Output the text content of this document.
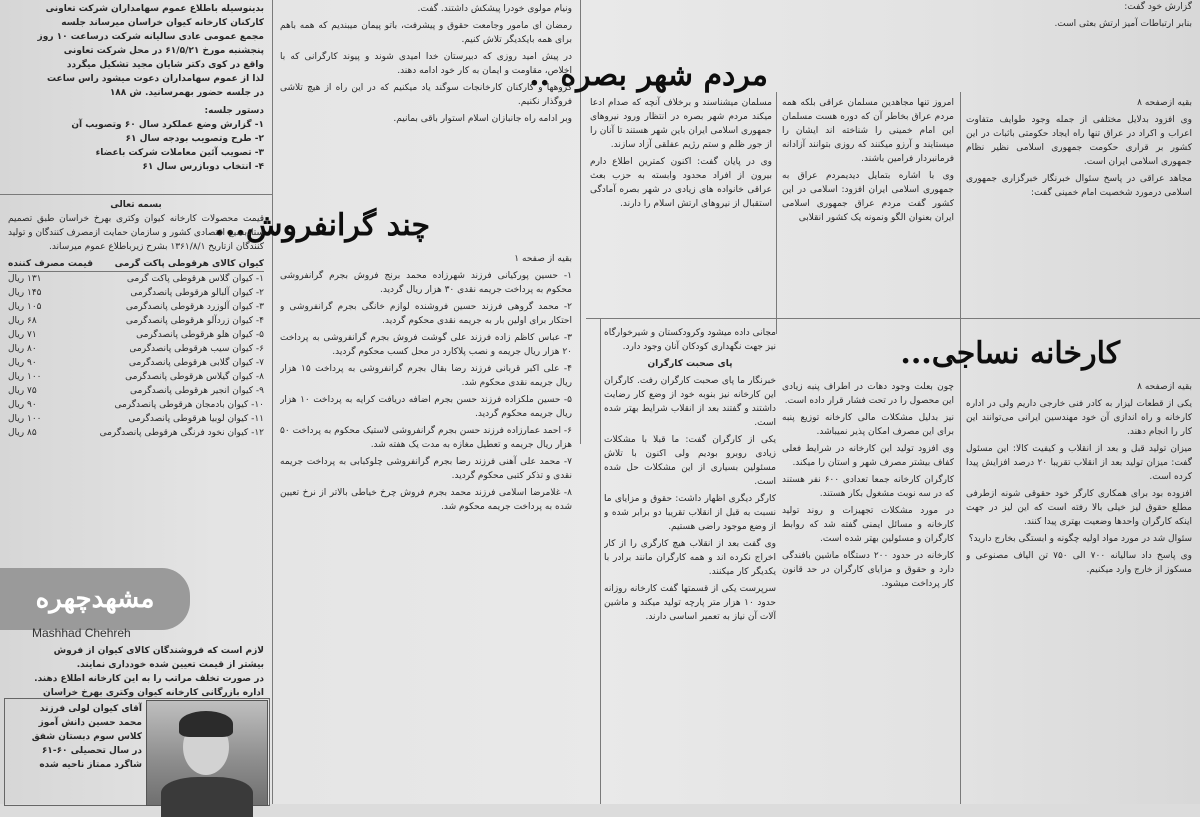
گزارش خود گفت:

بنابر ارتباطات آمیز ارتش بعثی است.

مردم شهر بصره ..

بقیه ازصفحه ۸

وی افزود بدلایل مختلفی از جمله وجود طوایف متفاوت اعراب و اکراد در عراق تنها راه ایجاد حکومتی باثبات در این کشور بر قراری حکومت جمهوری اسلامی نظیر نظام جمهوری اسلامی ایران است.

مجاهد عراقی در پاسخ سئوال خبرنگار خبرگزاری جمهوری اسلامی درمورد شخصیت امام خمینی گفت:

امروز تنها مجاهدین مسلمان عراقی بلکه همه مردم عراق بخاطر آن که دوره هست مسلمان این امام خمینی را شناخته اند ایشان را میستایند و آرزو میکنند که روزی بتوانند آزادانه فرمانبردار فرامین باشند.

وی با اشاره بتمایل دیدیمردم عراق به جمهوری اسلامی ایران افزود: اسلامی در این کشور گفت مردم عراق جمهوری اسلامی ایران بعنوان الگو ونمونه یک کشور انقلابی

مسلمان میشناسند و برخلاف آنچه که صدام ادعا میکند مردم شهر بصره در انتظار ورود نیروهای جمهوری اسلامی ایران باین شهر هستند تا آنان را از جور ظلم و ستم رژیم عفلقی آزاد سازند.

وی در پایان گفت: اکنون کمترین اطلاع دارم بیرون از افراد محدود وابسته به حزب بعث عراقی خانواده های زیادی در شهر بصره آمادگی استقبال از نیروهای ارتش اسلام را دارند.

کارخانه نساجی...

بقیه ازصفحه ۸

یکی از قطعات لیزار به کادر فنی خارجی داریم ولی در اداره کارخانه و راه اندازی آن خود مهندسین ایرانی می‌توانند این کار را انجام دهند.

میزان تولید قبل و بعد از انقلاب و کیفیت کالا: این مسئول گفت: میزان تولید بعد از انقلاب تقریبا ۲۰ درصد افزایش پیدا کرده است.

افزوده بود برای همکاری کارگر خود حقوقی شونه ازطرفی مطلع حقوق لیز خیلی بالا رفته است که این لیز در جهت اینکه کارگران واحدها وضعیت بهتری پیدا کنند.

سئوال شد در مورد مواد اولیه چگونه و ابستگی بخارج دارید؟

وی پاسخ داد سالیانه ۷۰۰ الی ۷۵۰ تن الیاف مصنوعی و مسکوز از خارج وارد میکنیم.

چون بعلت وجود دهات در اطراف پنبه زیادی این محصول را در تحت فشار قرار داده است.

نیز بدلیل مشکلات مالی کارخانه توزیع پنبه برای این مصرف امکان پذیر نمیباشد.

وی افزود تولید این کارخانه در شرایط فعلی کفاف بیشتر مصرف شهر و استان را میکند.

کارگران کارخانه جمعا تعدادی ۶۰۰ نفر هستند که در سه نوبت مشغول بکار هستند.

در مورد مشکلات تجهیزات و روند تولید کارخانه و مسائل ایمنی گفته شد که روابط کارگران و مسئولین بهتر شده است.

کارخانه در حدود ۲۰۰ دستگاه ماشین بافندگی دارد و حقوق و مزایای کارگران در حد قانون کار پرداخت میشود.

مجانی داده میشود وکرودکستان و شیرخوارگاه نیز جهت نگهداری کودکان آنان وجود دارد.

پای صحبت کارگران

خبرنگار ما پای صحبت کارگران رفت. کارگران این کارخانه نیز بنوبه خود از وضع کار رضایت داشتند و گفتند بعد از انقلاب شرایط بهتر شده است.

یکی از کارگران گفت: ما قبلا با مشکلات زیادی روبرو بودیم ولی اکنون با تلاش مسئولین بسیاری از این مشکلات حل شده است.

کارگر دیگری اظهار داشت: حقوق و مزایای ما نسبت به قبل از انقلاب تقریبا دو برابر شده و از وضع موجود راضی هستیم.

وی گفت بعد از انقلاب هیچ کارگری را از کار اخراج نکرده اند و همه کارگران مانند برادر با یکدیگر کار میکنند.

سرپرست یکی از قسمتها گفت کارخانه روزانه حدود ۱۰ هزار متر پارچه تولید میکند و ماشین آلات آن نیاز به تعمیر اساسی دارند.

ونیام مولوی خودرا پیشکش داشتند. گفت.

رمضان ای مامور وجامعت حقوق و پیشرفت، باتو پیمان میبندیم که همه باهم برای همه بایکدیگر تلاش کنیم.

در پیش امید روزی که دبیرستان خدا امیدی شوند و پیوند کارگرانی که با اخلاص، مقاومت و ایمان به کار خود ادامه دهند.

گروهها و کارکنان کارخانجات سوگند یاد میکنیم که در این راه از هیچ تلاشی فروگذار نکنیم.

وبر ادامه راه جانبازان اسلام استوار باقی بمانیم.

چند گرانفروش...

بقیه از صفحه ۱

۱- حسین پورکیانی فرزند شهرزاده محمد برنج فروش بجرم گرانفروشی محکوم به پرداخت جریمه نقدی ۳۰ هزار ریال گردید.

۲- محمد گروهی فرزند حسین فروشنده لوازم خانگی بجرم گرانفروشی و احتکار برای اولین بار به جریمه نقدی محکوم گردید.

۳- عباس کاظم زاده فرزند علی گوشت فروش بجرم گرانفروشی به پرداخت ۲۰ هزار ریال جریمه و نصب پلاکارد در محل کسب محکوم گردید.

۴- علی اکبر قربانی فرزند رضا بقال بجرم گرانفروشی به پرداخت ۱۵ هزار ریال جریمه نقدی محکوم شد.

۵- حسین ملکزاده فرزند حسن بجرم اضافه دریافت کرایه به پرداخت ۱۰ هزار ریال جریمه محکوم گردید.

۶- احمد عمارزاده فرزند حسن بجرم گرانفروشی لاستیک محکوم به پرداخت ۵۰ هزار ریال جریمه و تعطیل مغازه به مدت یک هفته شد.

۷- محمد علی آهنی فرزند رضا بجرم گرانفروشی چلوکبابی به پرداخت جریمه نقدی و تذکر کتبی محکوم گردید.

۸- غلامرضا اسلامی فرزند محمد بجرم فروش چرخ خیاطی بالاتر از نرخ تعیین شده به پرداخت جریمه محکوم شد.

بدینوسیله باطلاع عموم سهامداران شرکت تعاونی
کارکنان کارخانه کیوان خراسان میرساند جلسه
مجمع عمومی عادی سالیانه شرکت درساعت ۱۰ روز
پنجشنبه مورخ ۶۱/۵/۲۱ در محل شرکت تعاونی
واقع در کوی دکتر شایان مجید تشکیل میگردد
لذا از عموم سهامداران دعوت میشود راس ساعت
در جلسه حضور بهمرسانید. ش ۱۸۸
دستور جلسه:
۱- گزارش وضع عملکرد سال ۶۰ وتصویب آن
۲- طرح وتصویب بودجه سال ۶۱
۳- تصویب آئین معاملات شرکت باعضاء
۴- انتخاب دوبازرس سال ۶۱
بسمه تعالی

قیمت محصولات کارخانه کیوان وکتری بهرخ خراسان طبق تصمیم ستادبسیج اقتصادی کشور و سازمان حمایت ازمصرف کنندگان و تولید کنندگان ازتاریخ ۱۳۶۱/۸/۱ بشرح زیرباطلاع عموم میرساند.

کیوان کالای هرقوطی پاکت گرمی
قیمت مصرف کننده
۱- کیوان گلاس هرقوطی پاکت گرمی
۱۳۱ ریال
۲- کیوان آلبالو هرقوطی پانصدگرمی
۱۴۵ ریال
۳- کیوان آلوزرد هرقوطی پانصدگرمی
۱۰۵ ریال
۴- کیوان زردآلو هرقوطی پانصدگرمی
۶۸ ریال
۵- کیوان هلو هرقوطی پانصدگرمی
۷۱ ریال
۶- کیوان سیب هرقوطی پانصدگرمی
۸۰ ریال
۷- کیوان گلابی هرقوطی پانصدگرمی
۹۰ ریال
۸- کیوان گیلاس هرقوطی پانصدگرمی
۱۰۰ ریال
۹- کیوان انجیر هرقوطی پانصدگرمی
۷۵ ریال
۱۰- کیوان بادمجان هرقوطی پانصدگرمی
۹۰ ریال
۱۱- کیوان لوبیا هرقوطی پانصدگرمی
۱۰۰ ریال
۱۲- کیوان نخود فرنگی هرقوطی پانصدگرمی
۸۵ ریال
مشهدچهره
Mashhad Chehreh
لازم است که فروشندگان کالای کیوان از فروش
بیشتر از قیمت تعیین شده خودداری نمایند.
در صورت تخلف مراتب را به این کارخانه اطلاع دهند.
اداره بازرگانی کارخانه کیوان وکتری بهرخ خراسان
آقای کیوان لولی فرزند
محمد حسین دانش آموز
کلاس سوم دبستان شفق
در سال تحصیلی ۶۰-۶۱
شاگرد ممتاز ناحیه شده
